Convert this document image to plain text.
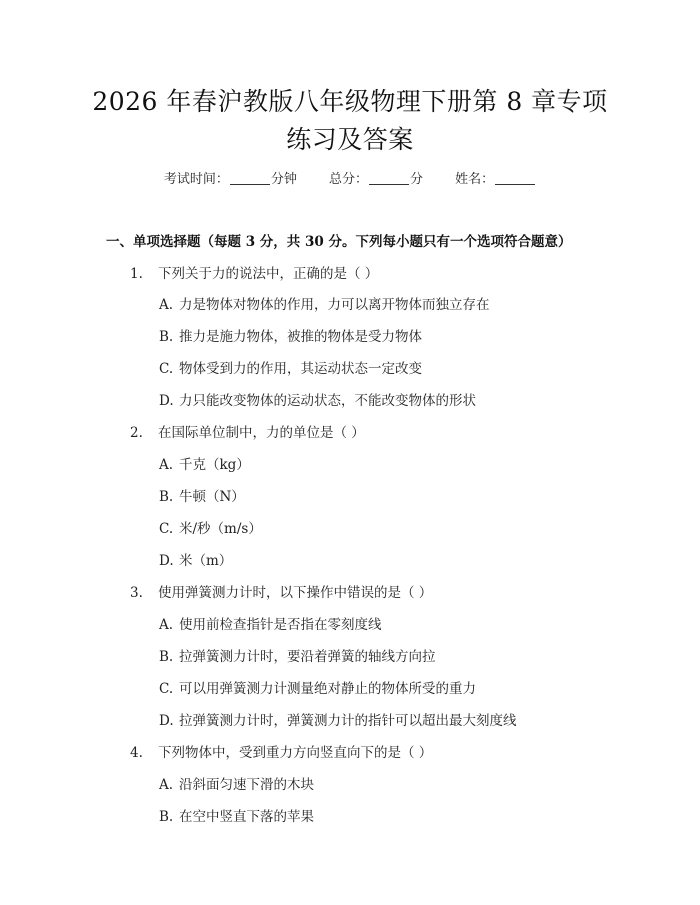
2026 年春沪教版八年级物理下册第 8 章专项
练习及答案
考试时间：	分钟 总分：	分 姓名：
一、单项选择题（每题 3 分，共 30 分。下列每小题只有一个选项符合题意）
1. 下列关于力的说法中，正确的是（ ）
A. 力是物体对物体的作用，力可以离开物体而独立存在
B. 推力是施力物体，被推的物体是受力物体
C. 物体受到力的作用，其运动状态一定改变
D. 力只能改变物体的运动状态，不能改变物体的形状
2. 在国际单位制中，力的单位是（ ）
A. 千克（kg）
B. 牛顿（N）
C. 米/秒（m/s）
D. 米（m）
3. 使用弹簧测力计时，以下操作中错误的是（ ）
A. 使用前检查指针是否指在零刻度线
B. 拉弹簧测力计时，要沿着弹簧的轴线方向拉
C. 可以用弹簧测力计测量绝对静止的物体所受的重力
D. 拉弹簧测力计时，弹簧测力计的指针可以超出最大刻度线
4. 下列物体中，受到重力方向竖直向下的是（ ）
A. 沿斜面匀速下滑的木块
B. 在空中竖直下落的苹果
